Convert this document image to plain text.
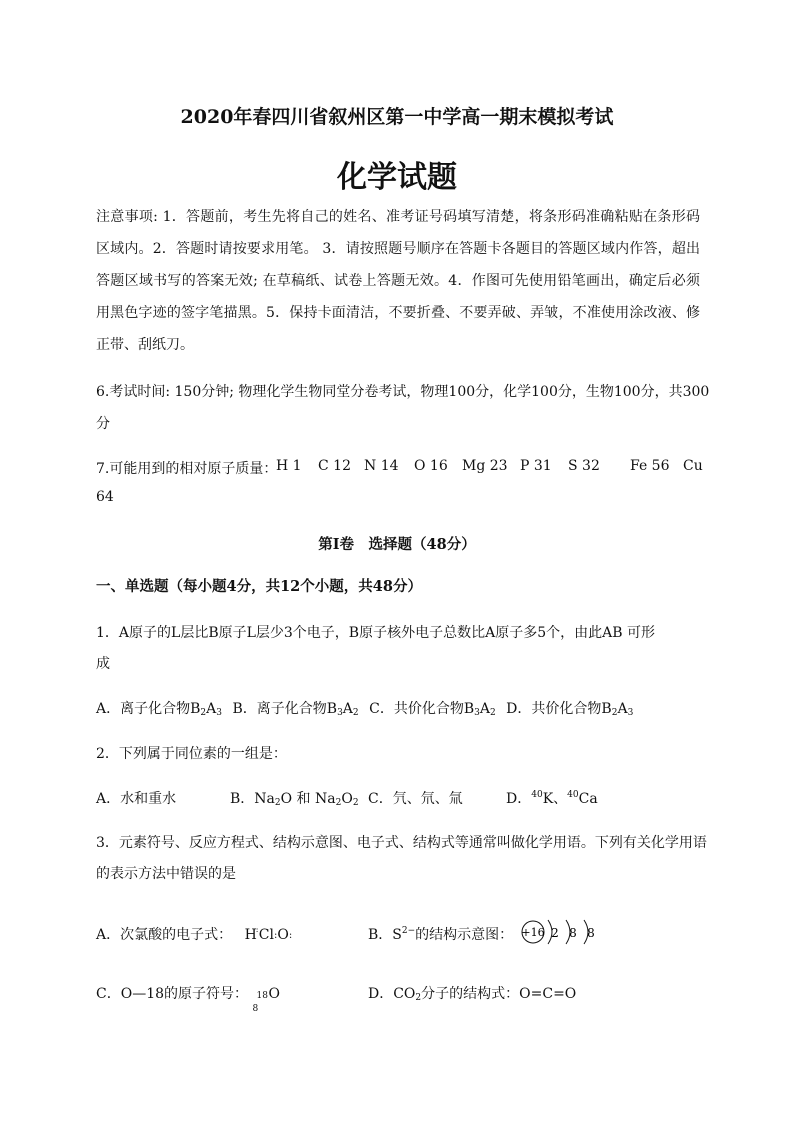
2020年春四川省叙州区第一中学高一期末模拟考试
化学试题
注意事项: 1．答题前，考生先将自己的姓名、准考证号码填写清楚，将条形码准确粘贴在条形码区域内。2．答题时请按要求用笔。 3．请按照题号顺序在答题卡各题目的答题区域内作答，超出答题区域书写的答案无效; 在草稿纸、试卷上答题无效。4．作图可先使用铅笔画出，确定后必须用黑色字迹的签字笔描黑。5．保持卡面清洁，不要折叠、不要弄破、弄皱，不准使用涂改液、修正带、刮纸刀。
6.考试时间: 150分钟; 物理化学生物同堂分卷考试，物理100分，化学100分，生物100分，共300
分
7.可能用到的相对原子质量：
H 1 C 12 N 14 O 16 Mg 23 P 31 S 32 Fe 56 Cu
64
第I卷　选择题（48分）
一、单选题（每小题4分，共12个小题，共48分）
1．A原子的L层比B原子L层少3个电子，B原子核外电子总数比A原子多5个，由此AB 可形
成
A．离子化合物$B_2A_3$ B．离子化合物$B_3A_2$ C．共价化合物$B_3A_2$ D．共价化合物$B_2A_3$
2．下列属于同位素的一组是：
A．水和重水	B．$Na_2O$ 和 $Na_2O_2$ C．氕、氘、氚	D．$^{40}$K、$^{40}$Ca
3．元素符号、反应方程式、结构示意图、电子式、结构式等通常叫做化学用语。下列有关化学用语
的表示方法中错误的是
A．次氯酸的电子式： H : Cl:O:	B．$S^{2-}$的结构示意图： +16 2 8 8
C．O—18的原子符号： 18
8
O	D．$CO_2$分子的结构式：O=C=O
